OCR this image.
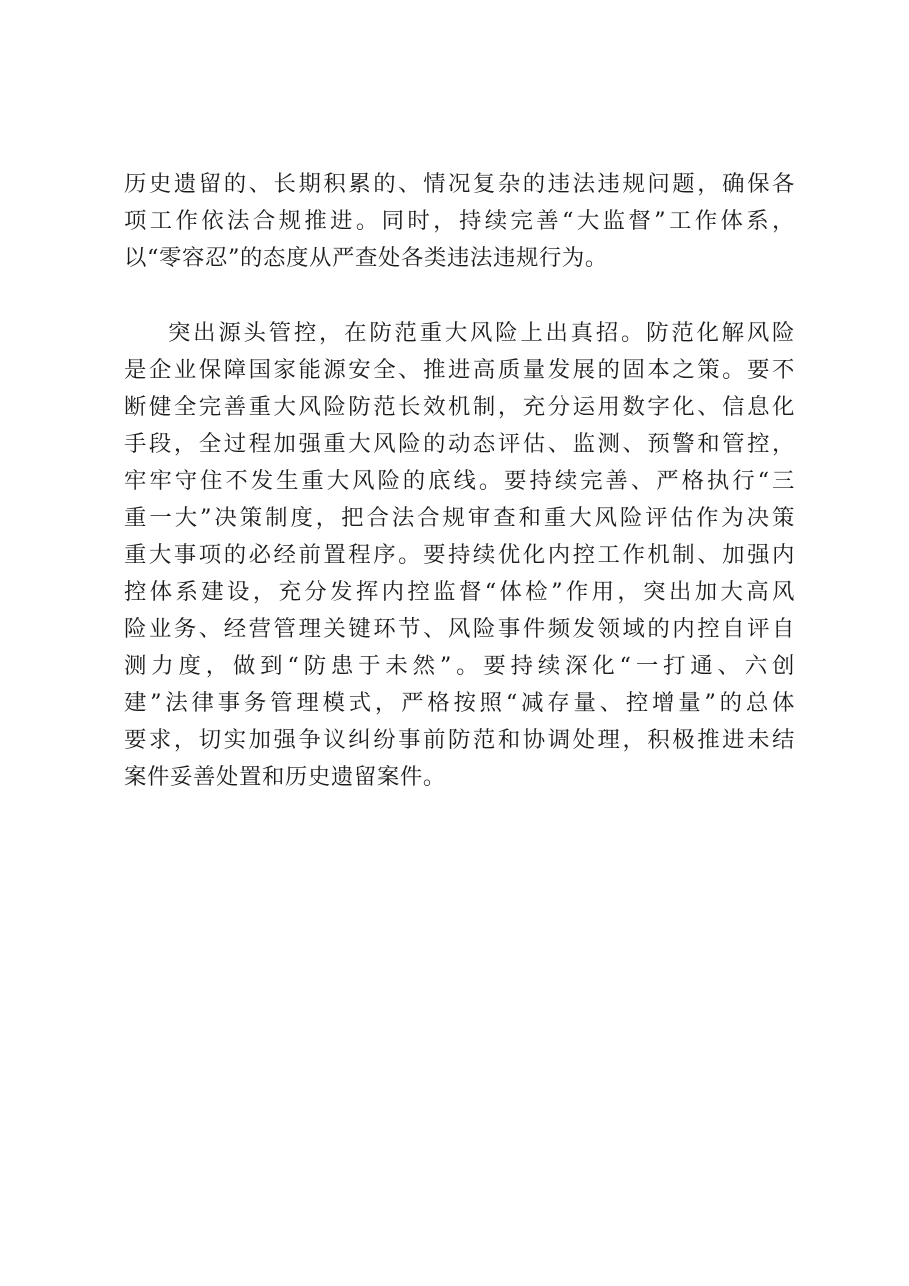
历史遗留的、长期积累的、情况复杂的违法违规问题，确保各
项工作依法合规推进。同时，持续完善“大监督”工作体系，
以“零容忍”的态度从严查处各类违法违规行为。
突出源头管控，在防范重大风险上出真招。防范化解风险
是企业保障国家能源安全、推进高质量发展的固本之策。要不
断健全完善重大风险防范长效机制，充分运用数字化、信息化
手段，全过程加强重大风险的动态评估、监测、预警和管控，
牢牢守住不发生重大风险的底线。要持续完善、严格执行“三
重一大”决策制度，把合法合规审查和重大风险评估作为决策
重大事项的必经前置程序。要持续优化内控工作机制、加强内
控体系建设，充分发挥内控监督“体检”作用，突出加大高风
险业务、经营管理关键环节、风险事件频发领域的内控自评自
测力度，做到“防患于未然”。要持续深化“一打通、六创
建”法律事务管理模式，严格按照“减存量、控增量”的总体
要求，切实加强争议纠纷事前防范和协调处理，积极推进未结
案件妥善处置和历史遗留案件。
